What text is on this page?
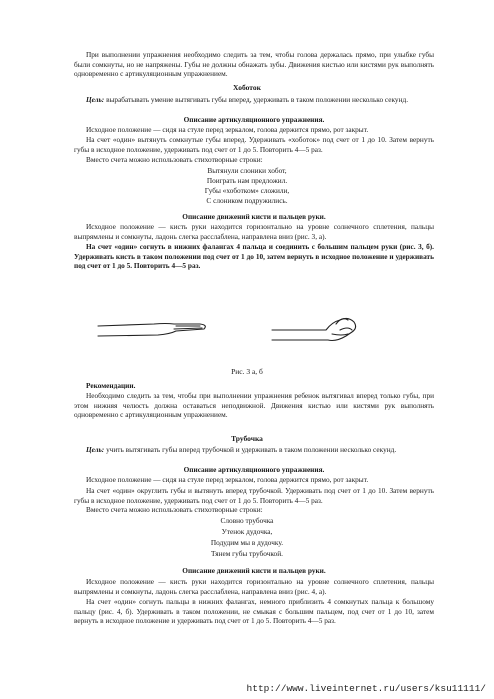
При выполнении упражнения необходимо следить за тем, чтобы голова держалась прямо, при улыбке губы были сомкнуты, но не напряжены. Губы не должны обнажать зубы. Движения кистью или кистями рук выполнять одновременно с артикуляционным упражнением.
Хоботок
Цель: вырабатывать умение вытягивать губы вперед, удерживать в таком положении несколько секунд.
Описание артикуляционного упражнения.
Исходное положение — сидя на стуле перед зеркалом, голова держится прямо, рот закрыт.
На счет «один» вытянуть сомкнутые губы вперед. Удерживать «хоботок» под счет от 1 до 10. Затем вернуть губы в исходное положение, удерживать под счет от 1 до 5. Повторить 4—5 раз.
Вместо счета можно использовать стихотворные строки:
Вытянули слоники хобот,
Поиграть нам предложил.
Губы «хоботком» сложили,
С слоником подружились.
Описание движений кисти и пальцев руки.
Исходное положение — кисть руки находится горизонтально на уровне солнечного сплетения, пальцы выпрямлены и сомкнуты, ладонь слегка расслаблена, направлена вниз (рис. 3, а).
На счет «один» согнуть в нижних фалангах 4 пальца и соединить с большим пальцем руки (рис. 3, б). Удерживать кисть в таком положении под счет от 1 до 10, затем вернуть в исходное положение и удерживать под счет от 1 до 5. Повторить 4—5 раз.
Рис. 3 а, б
Рекомендации.
Необходимо следить за тем, чтобы при выполнении упражнения ребенок вытягивал вперед только губы, при этом нижняя челюсть должна оставаться неподвижной. Движения кистью или кистями рук выполнять одновременно с артикуляционным упражнением.
Трубочка
Цель: учить вытягивать губы вперед трубочкой и удерживать в таком положении несколько секунд.
Описание артикуляционного упражнения.
Исходное положение — сидя на стуле перед зеркалом, голова держится прямо, рот закрыт.
На счет «один» округлить губы и вытянуть вперед трубочкой. Удерживать под счет от 1 до 10. Затем вернуть губы в исходное положение, удерживать под счет от 1 до 5. Повторить 4—5 раз.
Вместо счета можно использовать стихотворные строки:
Словно трубочка
Утенок дудочка,
Подудим мы в дудочку.
Тянем губы трубочкой.
Описание движений кисти и пальцев руки.
Исходное положение — кисть руки находится горизонтально на уровне солнечного сплетения, пальцы выпрямлены и сомкнуты, ладонь слегка расслаблена, направлена вниз (рис. 4, а).
На счет «один» согнуть пальцы в нижних фалангах, немного приблизить 4 сомкнутых пальца к большому пальцу (рис. 4, б). Удерживать в таком положении, не смыкая с большим пальцем, под счет от 1 до 10, затем вернуть в исходное положение и удерживать под счет от 1 до 5. Повторить 4—5 раз.
http://www.liveinternet.ru/users/ksu11111/
